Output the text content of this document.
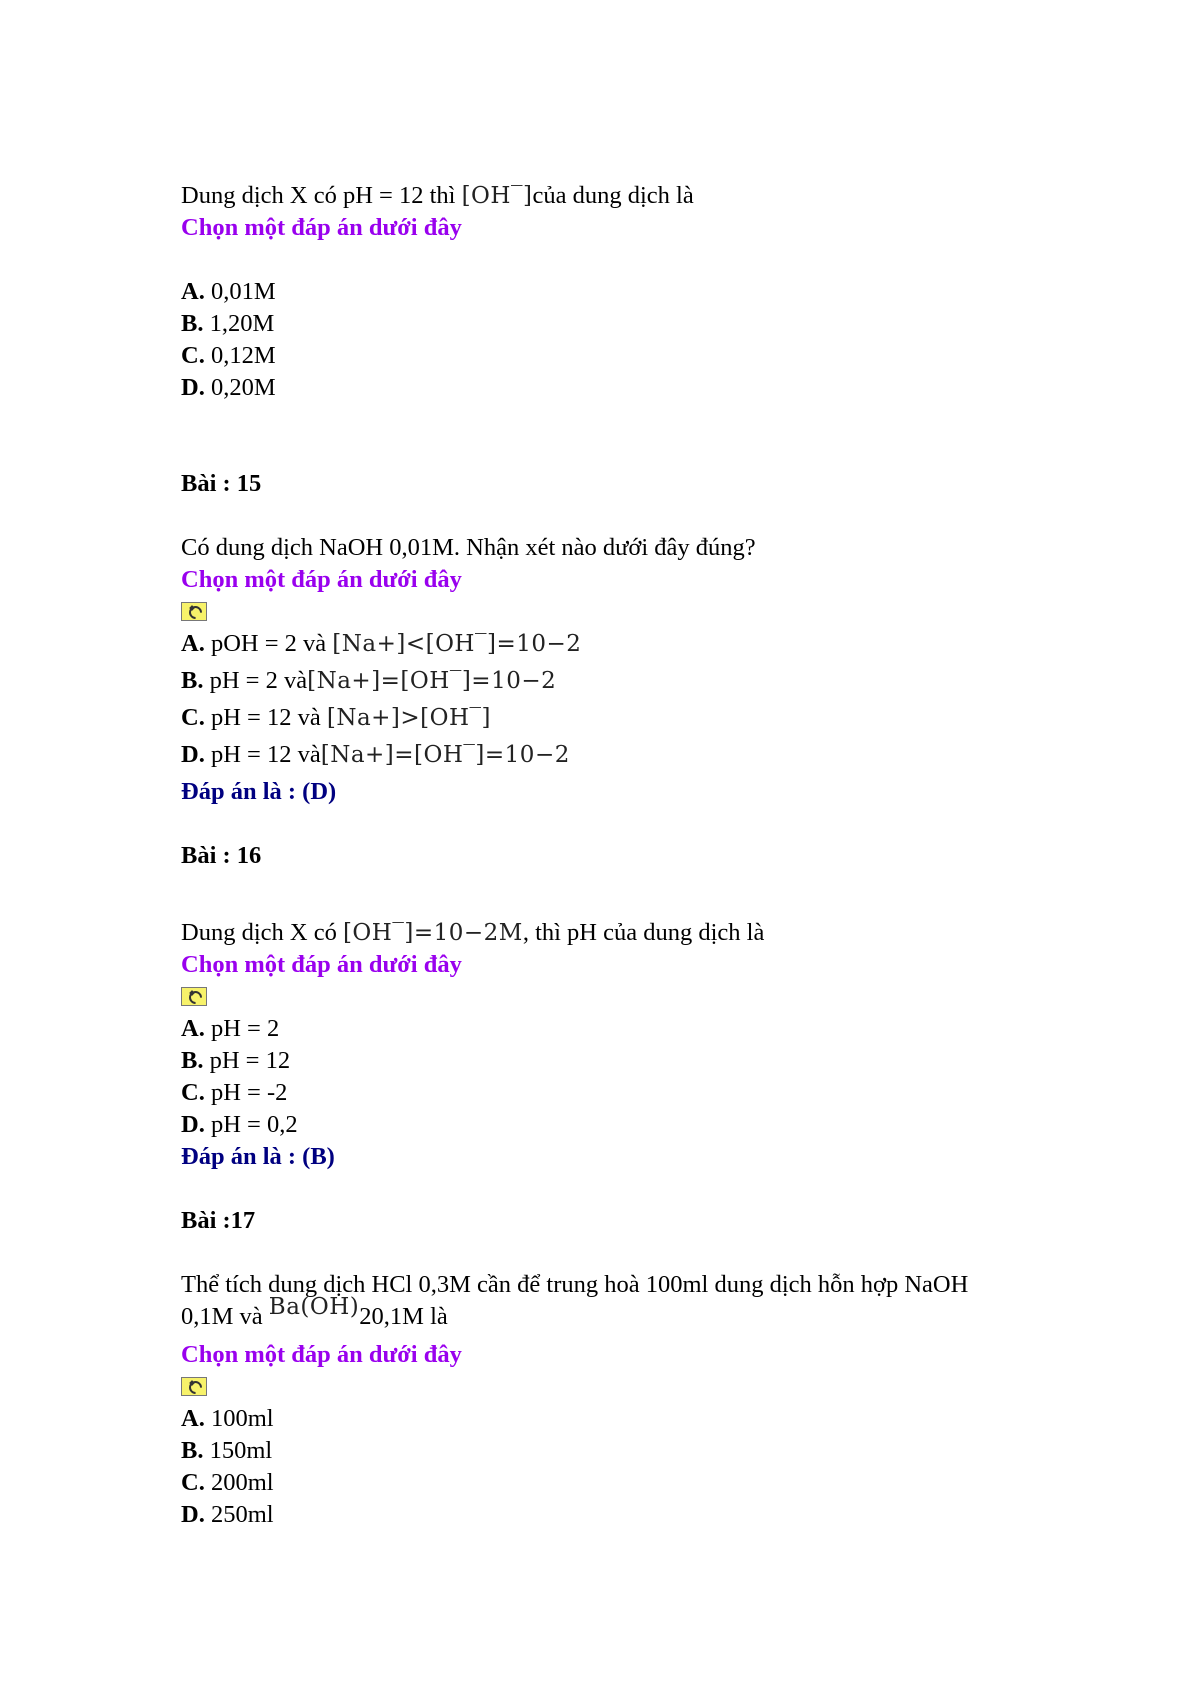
Dung dịch X có pH = 12 thì [OH‾]của dung dịch là
Chọn một đáp án dưới đây
A. 0,01M
B. 1,20M
C. 0,12M
D. 0,20M
Bài : 15
Có dung dịch NaOH 0,01M. Nhận xét nào dưới đây đúng?
Chọn một đáp án dưới đây
A. pOH = 2 và [Na+]<[OH‾]=10−2
B. pH = 2 và[Na+]=[OH‾]=10−2
C. pH = 12 và [Na+]>[OH‾]
D. pH = 12 và[Na+]=[OH‾]=10−2
Đáp án là : (D)
Bài : 16
Dung dịch X có [OH‾]=10−2M, thì pH của dung dịch là
Chọn một đáp án dưới đây
A. pH = 2
B. pH = 12
C. pH = -2
D. pH = 0,2
Đáp án là : (B)
Bài :17
Thể tích dung dịch HCl 0,3M cần để trung hoà 100ml dung dịch hỗn hợp NaOH
0,1M và Ba(OH)20,1M là
Chọn một đáp án dưới đây
A. 100ml
B. 150ml
C. 200ml
D. 250ml
